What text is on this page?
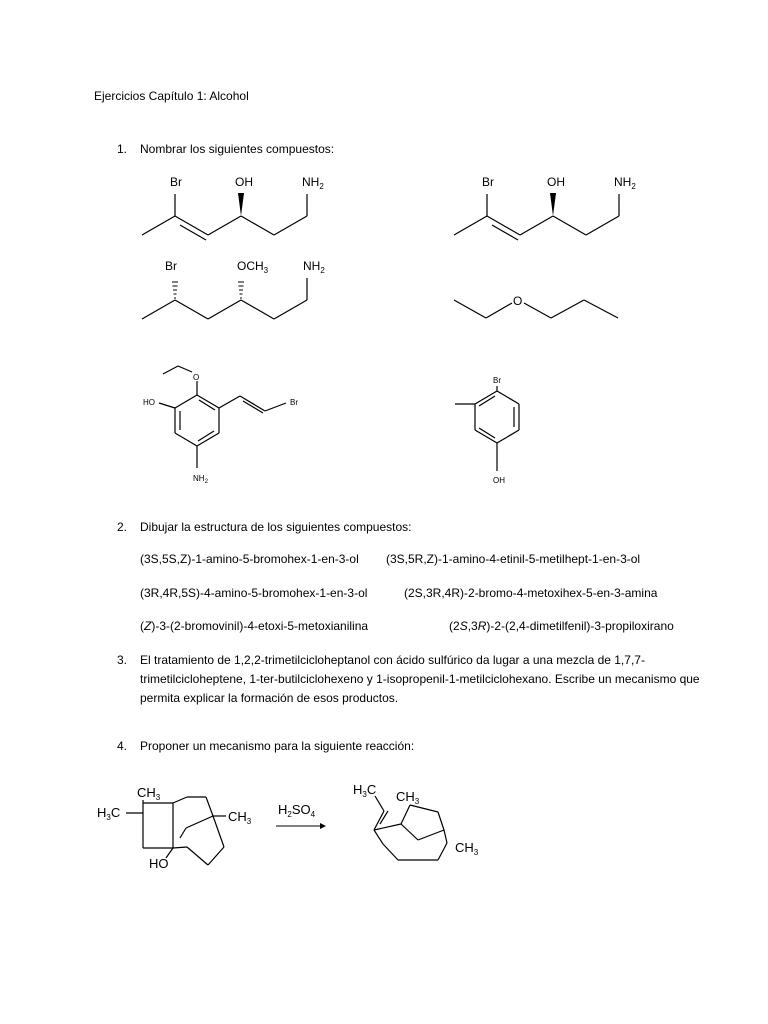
Ejercicios Capítulo 1: Alcohol
1. Nombrar los siguientes compuestos:
2. Dibujar la estructura de los siguientes compuestos:
(3S,5S,Z)-1-amino-5-bromohex-1-en-3-ol (3S,5R,Z)-1-amino-4-etinil-5-metilhept-1-en-3-ol
(3R,4R,5S)-4-amino-5-bromohex-1-en-3-ol	(2S,3R,4R)-2-bromo-4-metoxihex-5-en-3-amina
(Z)-3-(2-bromovinil)-4-etoxi-5-metoxianilina	(2S,3R)-2-(2,4-dimetilfenil)-3-propiloxirano
3. El tratamiento de 1,2,2-trimetilcicloheptanol con ácido sulfúrico da lugar a una mezcla de 1,7,7-trimetilcicloheptene, 1-ter-butilciclohexeno y 1-isopropenil-1-metilciclohexano. Escribe un mecanismo que permita explicar la formación de esos productos.
4. Proponer un mecanismo para la siguiente reacción:
Br	OH	$NH_2$	Br	OH	$NH_2$
Br	$OCH_3$	$NH_2$
O
O
HO	Br
$NH_2$
Br
OH
$CH_3$
$H_3C$	$CH_3$
HO
$H_2SO_4$
$H_3C$ $CH_3$
$CH_3$
